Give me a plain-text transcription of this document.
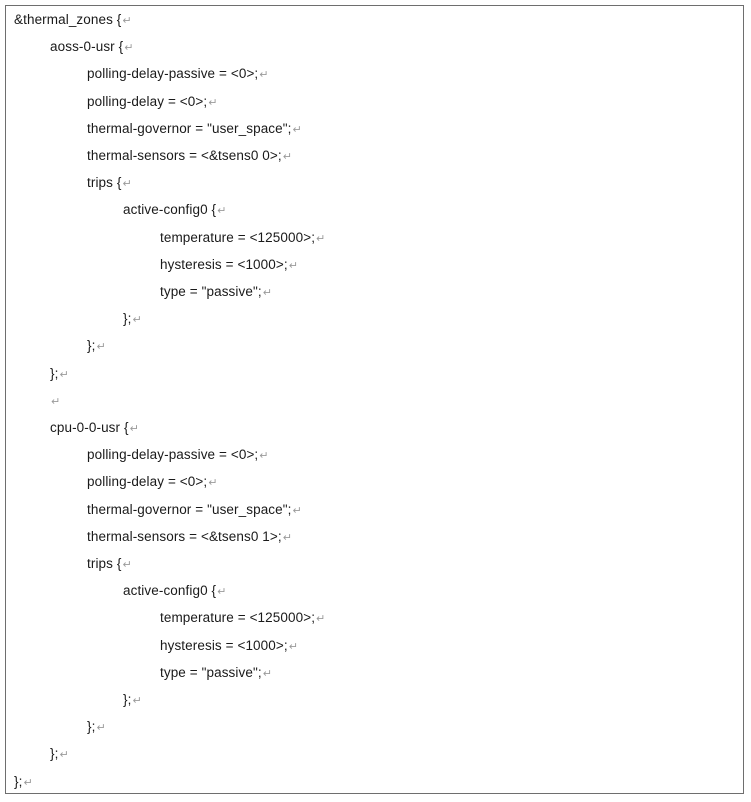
&thermal_zones {↵
aoss-0-usr {↵
polling-delay-passive = <0>;↵
polling-delay = <0>;↵
thermal-governor = "user_space";↵
thermal-sensors = <&tsens0 0>;↵
trips {↵
active-config0 {↵
temperature = <125000>;↵
hysteresis = <1000>;↵
type = "passive";↵
};↵
};↵
};↵
↵
cpu-0-0-usr {↵
polling-delay-passive = <0>;↵
polling-delay = <0>;↵
thermal-governor = "user_space";↵
thermal-sensors = <&tsens0 1>;↵
trips {↵
active-config0 {↵
temperature = <125000>;↵
hysteresis = <1000>;↵
type = "passive";↵
};↵
};↵
};↵
};↵
